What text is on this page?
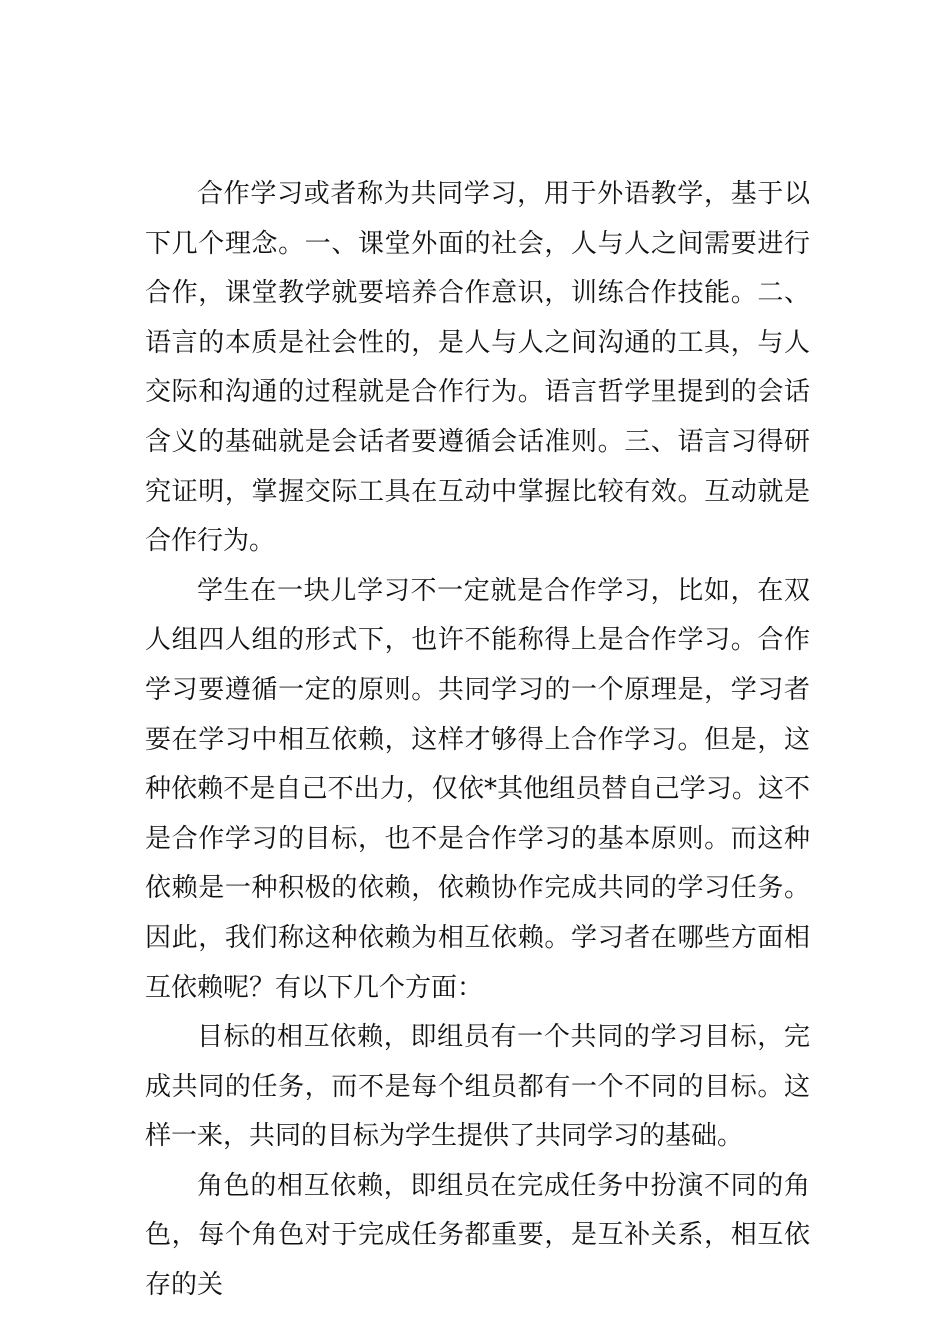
合作学习或者称为共同学习，用于外语教学，基于以下几个理念。一、课堂外面的社会，人与人之间需要进行合作，课堂教学就要培养合作意识，训练合作技能。二、语言的本质是社会性的，是人与人之间沟通的工具，与人交际和沟通的过程就是合作行为。语言哲学里提到的会话含义的基础就是会话者要遵循会话准则。三、语言习得研究证明，掌握交际工具在互动中掌握比较有效。互动就是合作行为。

学生在一块儿学习不一定就是合作学习，比如，在双人组四人组的形式下，也许不能称得上是合作学习。合作学习要遵循一定的原则。共同学习的一个原理是，学习者要在学习中相互依赖，这样才够得上合作学习。但是，这种依赖不是自己不出力，仅依*其他组员替自己学习。这不是合作学习的目标，也不是合作学习的基本原则。而这种依赖是一种积极的依赖，依赖协作完成共同的学习任务。因此，我们称这种依赖为相互依赖。学习者在哪些方面相互依赖呢？有以下几个方面：

目标的相互依赖，即组员有一个共同的学习目标，完成共同的任务，而不是每个组员都有一个不同的目标。这样一来，共同的目标为学生提供了共同学习的基础。

角色的相互依赖，即组员在完成任务中扮演不同的角色，每个角色对于完成任务都重要，是互补关系，相互依存的关
